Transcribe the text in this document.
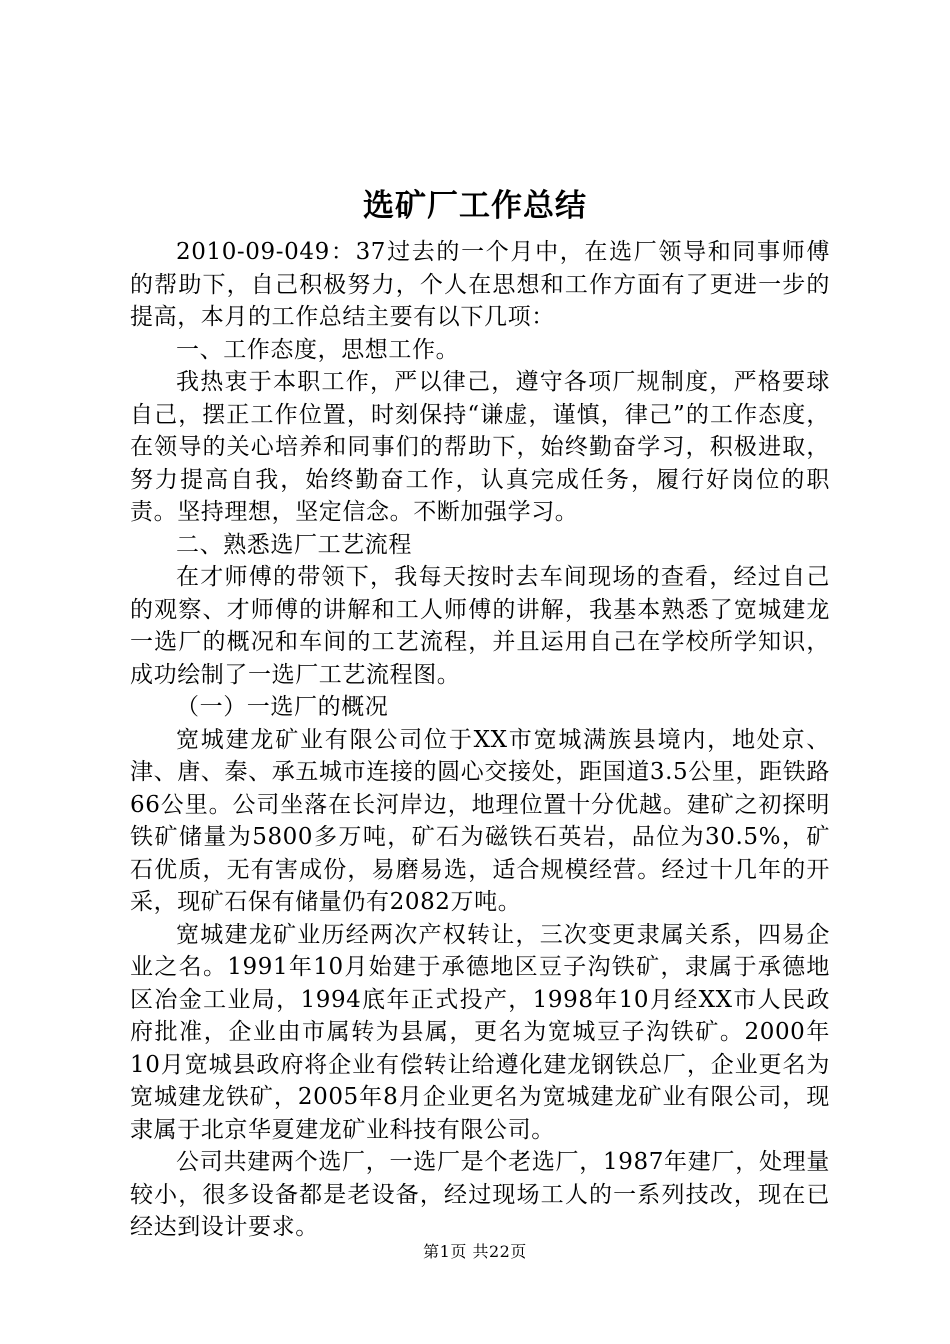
选矿厂工作总结

2010-09-049：37过去的一个月中，在选厂领导和同事师傅的帮助下，自己积极努力，个人在思想和工作方面有了更进一步的提高，本月的工作总结主要有以下几项：

一、工作态度，思想工作。

我热衷于本职工作，严以律己，遵守各项厂规制度，严格要球自己，摆正工作位置，时刻保持“谦虚，谨慎，律己”的工作态度，在领导的关心培养和同事们的帮助下，始终勤奋学习，积极进取，努力提高自我，始终勤奋工作，认真完成任务，履行好岗位的职责。坚持理想，坚定信念。不断加强学习。

二、熟悉选厂工艺流程

在才师傅的带领下，我每天按时去车间现场的查看，经过自己的观察、才师傅的讲解和工人师傅的讲解，我基本熟悉了宽城建龙一选厂的概况和车间的工艺流程，并且运用自己在学校所学知识，成功绘制了一选厂工艺流程图。

（一）一选厂的概况

宽城建龙矿业有限公司位于XX市宽城满族县境内，地处京、津、唐、秦、承五城市连接的圆心交接处，距国道3.5公里，距铁路66公里。公司坐落在长河岸边，地理位置十分优越。建矿之初探明铁矿储量为5800多万吨，矿石为磁铁石英岩，品位为30.5%，矿石优质，无有害成份，易磨易选，适合规模经营。经过十几年的开采，现矿石保有储量仍有2082万吨。

宽城建龙矿业历经两次产权转让，三次变更隶属关系，四易企业之名。1991年10月始建于承德地区豆子沟铁矿，隶属于承德地区冶金工业局，1994底年正式投产，1998年10月经XX市人民政府批准，企业由市属转为县属，更名为宽城豆子沟铁矿。2000年10月宽城县政府将企业有偿转让给遵化建龙钢铁总厂，企业更名为宽城建龙铁矿，2005年8月企业更名为宽城建龙矿业有限公司，现隶属于北京华夏建龙矿业科技有限公司。

公司共建两个选厂，一选厂是个老选厂，1987年建厂，处理量较小，很多设备都是老设备，经过现场工人的一系列技改，现在已经达到设计要求。

第1页 共22页
